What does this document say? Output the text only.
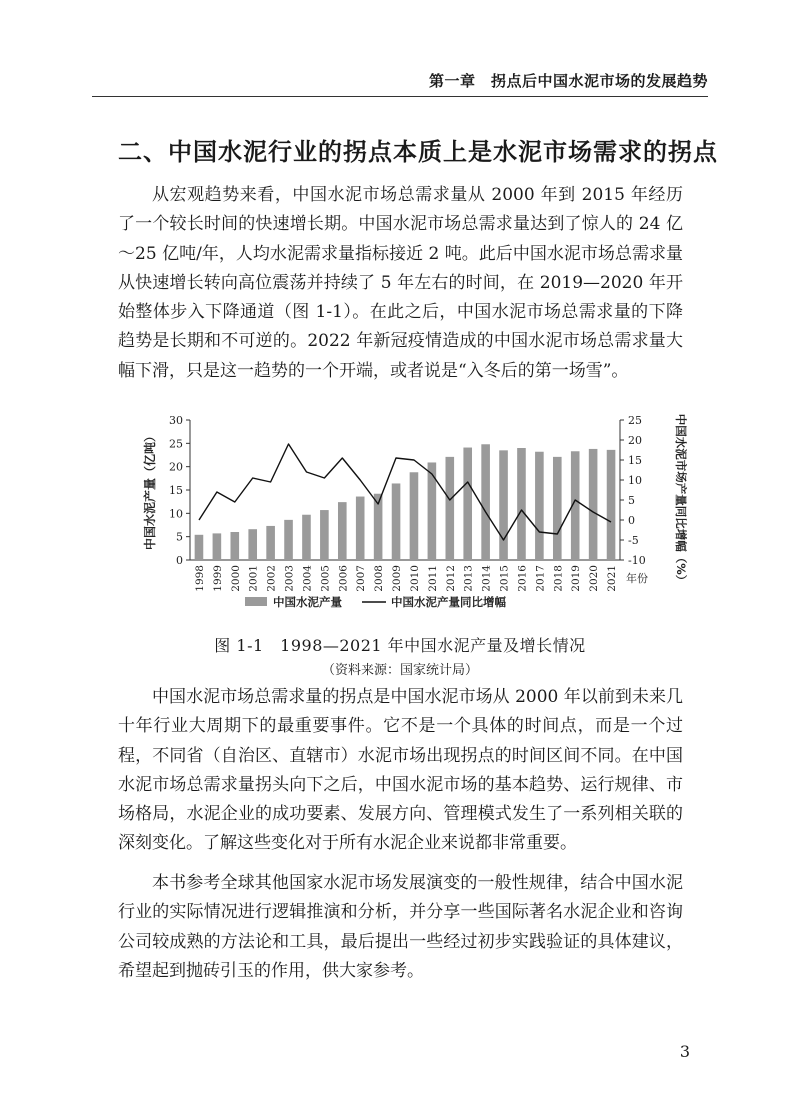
第一章　拐点后中国水泥市场的发展趋势
二、中国水泥行业的拐点本质上是水泥市场需求的拐点

从宏观趋势来看，中国水泥市场总需求量从 2000 年到 2015 年经历了一个较长时间的快速增长期。中国水泥市场总需求量达到了惊人的 24 亿～25 亿吨/年，人均水泥需求量指标接近 2 吨。此后中国水泥市场总需求量从快速增长转向高位震荡并持续了 5 年左右的时间，在 2019—2020 年开始整体步入下降通道（图 1-1）。在此之后，中国水泥市场总需求量的下降趋势是长期和不可逆的。2022 年新冠疫情造成的中国水泥市场总需求量大幅下滑，只是这一趋势的一个开端，或者说是“入冬后的第一场雪”。

0
5
10
15
20
25
30
-10
-5
0
5
10
15
20
25
1998 1999 2000 2001 2002 2003 2004 2005 2006 2007 2008 2009 2010 2011 2012 2013 2014 2015 2016 2017 2018 2019 2020 2021 年份
中国水泥产量（亿吨）	中国水泥市场产量同比增幅（%）
中国水泥产量	中国水泥产量同比增幅

图 1-1　1998—2021 年中国水泥产量及增长情况

（资料来源：国家统计局）

中国水泥市场总需求量的拐点是中国水泥市场从 2000 年以前到未来几十年行业大周期下的最重要事件。它不是一个具体的时间点，而是一个过程，不同省（自治区、直辖市）水泥市场出现拐点的时间区间不同。在中国水泥市场总需求量拐头向下之后，中国水泥市场的基本趋势、运行规律、市场格局，水泥企业的成功要素、发展方向、管理模式发生了一系列相关联的深刻变化。了解这些变化对于所有水泥企业来说都非常重要。

本书参考全球其他国家水泥市场发展演变的一般性规律，结合中国水泥行业的实际情况进行逻辑推演和分析，并分享一些国际著名水泥企业和咨询公司较成熟的方法论和工具，最后提出一些经过初步实践验证的具体建议，希望起到抛砖引玉的作用，供大家参考。

3
